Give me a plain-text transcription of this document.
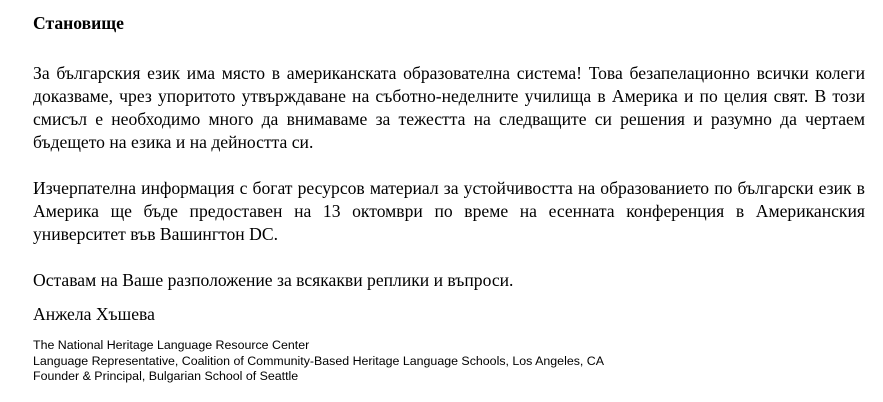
Становище
За българския език има място в американската образователна система! Това безапелационно всички колеги доказваме, чрез упоритото утвърждаване на съботно-неделните училища в Америка и по целия свят. В този смисъл е необходимо много да внимаваме за тежестта на следващите си решения и разумно да чертаем бъдещето на езика и на дейността си.
Изчерпателна информация с богат ресурсов материал за устойчивостта на образованието по български език в Америка ще бъде предоставен на 13 октомври по време на есенната конференция в Американския университет във Вашингтон DC.
Оставам на Ваше разположение за всякакви реплики и въпроси.
Анжела Хъшева
The National Heritage Language Resource Center
Language Representative, Coalition of Community-Based Heritage Language Schools, Los Angeles, CA
Founder & Principal, Bulgarian School of Seattle
